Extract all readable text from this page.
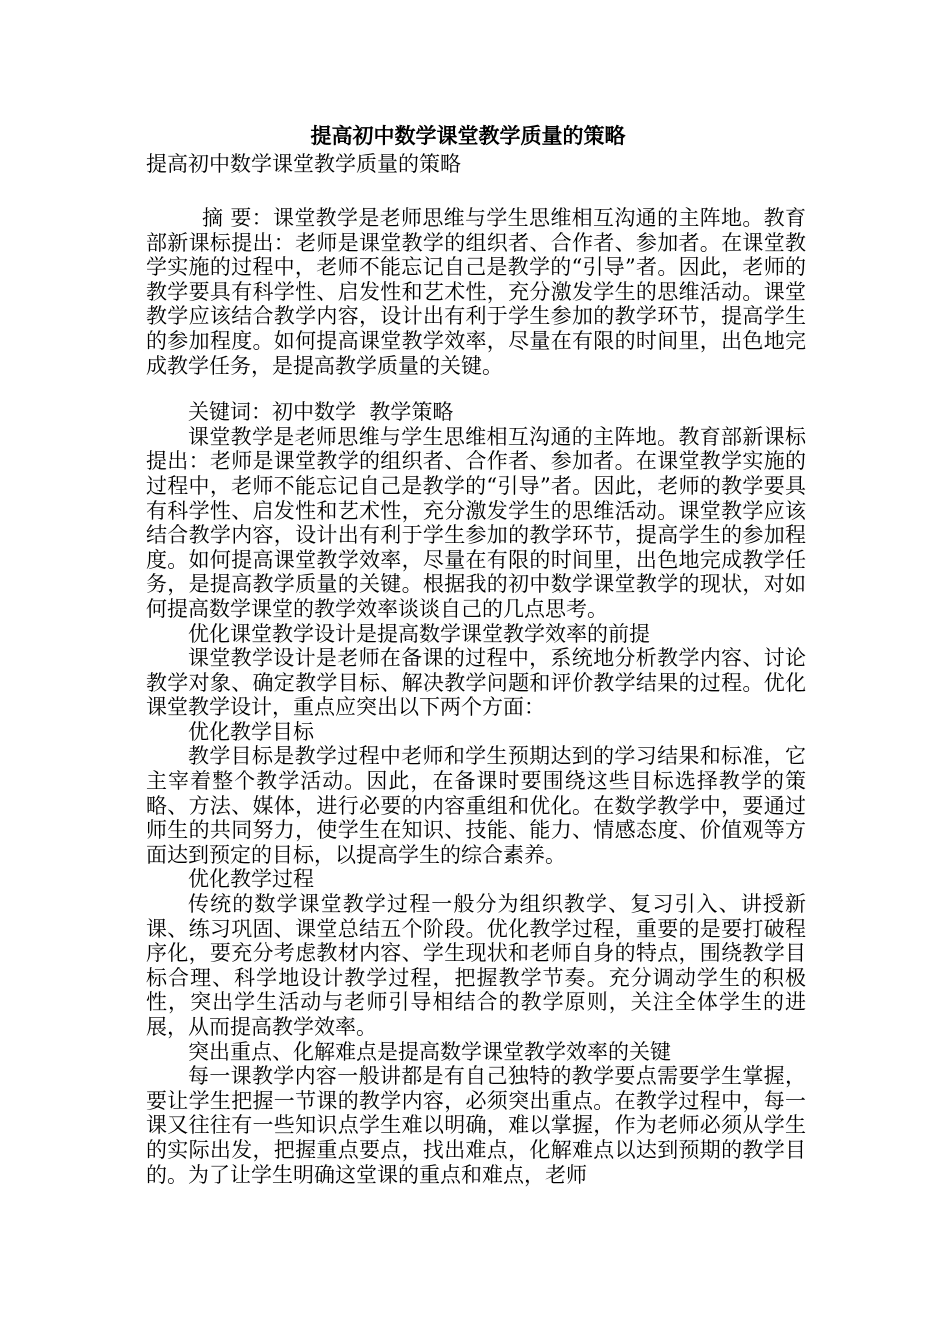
提高初中数学课堂教学质量的策略
提高初中数学课堂教学质量的策略

摘 要：课堂教学是老师思维与学生思维相互沟通的主阵地。教育部新课标提出：老师是课堂教学的组织者、合作者、参加者。在课堂教学实施的过程中，老师不能忘记自己是教学的“引导”者。因此，老师的教学要具有科学性、启发性和艺术性，充分激发学生的思维活动。课堂教学应该结合教学内容，设计出有利于学生参加的教学环节，提高学生的参加程度。如何提高课堂教学效率，尽量在有限的时间里，出色地完成教学任务，是提高教学质量的关键。

关键词：初中数学  教学策略

课堂教学是老师思维与学生思维相互沟通的主阵地。教育部新课标提出：老师是课堂教学的组织者、合作者、参加者。在课堂教学实施的过程中，老师不能忘记自己是教学的“引导”者。因此，老师的教学要具有科学性、启发性和艺术性，充分激发学生的思维活动。课堂教学应该结合教学内容，设计出有利于学生参加的教学环节，提高学生的参加程度。如何提高课堂教学效率，尽量在有限的时间里，出色地完成教学任务，是提高教学质量的关键。根据我的初中数学课堂教学的现状，对如何提高数学课堂的教学效率谈谈自己的几点思考。

优化课堂教学设计是提高数学课堂教学效率的前提

课堂教学设计是老师在备课的过程中，系统地分析教学内容、讨论教学对象、确定教学目标、解决教学问题和评价教学结果的过程。优化课堂教学设计，重点应突出以下两个方面：

优化教学目标

教学目标是教学过程中老师和学生预期达到的学习结果和标准，它主宰着整个教学活动。因此，在备课时要围绕这些目标选择教学的策略、方法、媒体，进行必要的内容重组和优化。在数学教学中，要通过师生的共同努力，使学生在知识、技能、能力、情感态度、价值观等方面达到预定的目标，以提高学生的综合素养。

优化教学过程

传统的数学课堂教学过程一般分为组织教学、复习引入、讲授新课、练习巩固、课堂总结五个阶段。优化教学过程，重要的是要打破程序化，要充分考虑教材内容、学生现状和老师自身的特点，围绕教学目标合理、科学地设计教学过程，把握教学节奏。充分调动学生的积极性，突出学生活动与老师引导相结合的教学原则，关注全体学生的进展，从而提高教学效率。

突出重点、化解难点是提高数学课堂教学效率的关键

每一课教学内容一般讲都是有自己独特的教学要点需要学生掌握，要让学生把握一节课的教学内容，必须突出重点。在教学过程中，每一课又往往有一些知识点学生难以明确，难以掌握，作为老师必须从学生的实际出发，把握重点要点，找出难点，化解难点以达到预期的教学目的。为了让学生明确这堂课的重点和难点，老师
